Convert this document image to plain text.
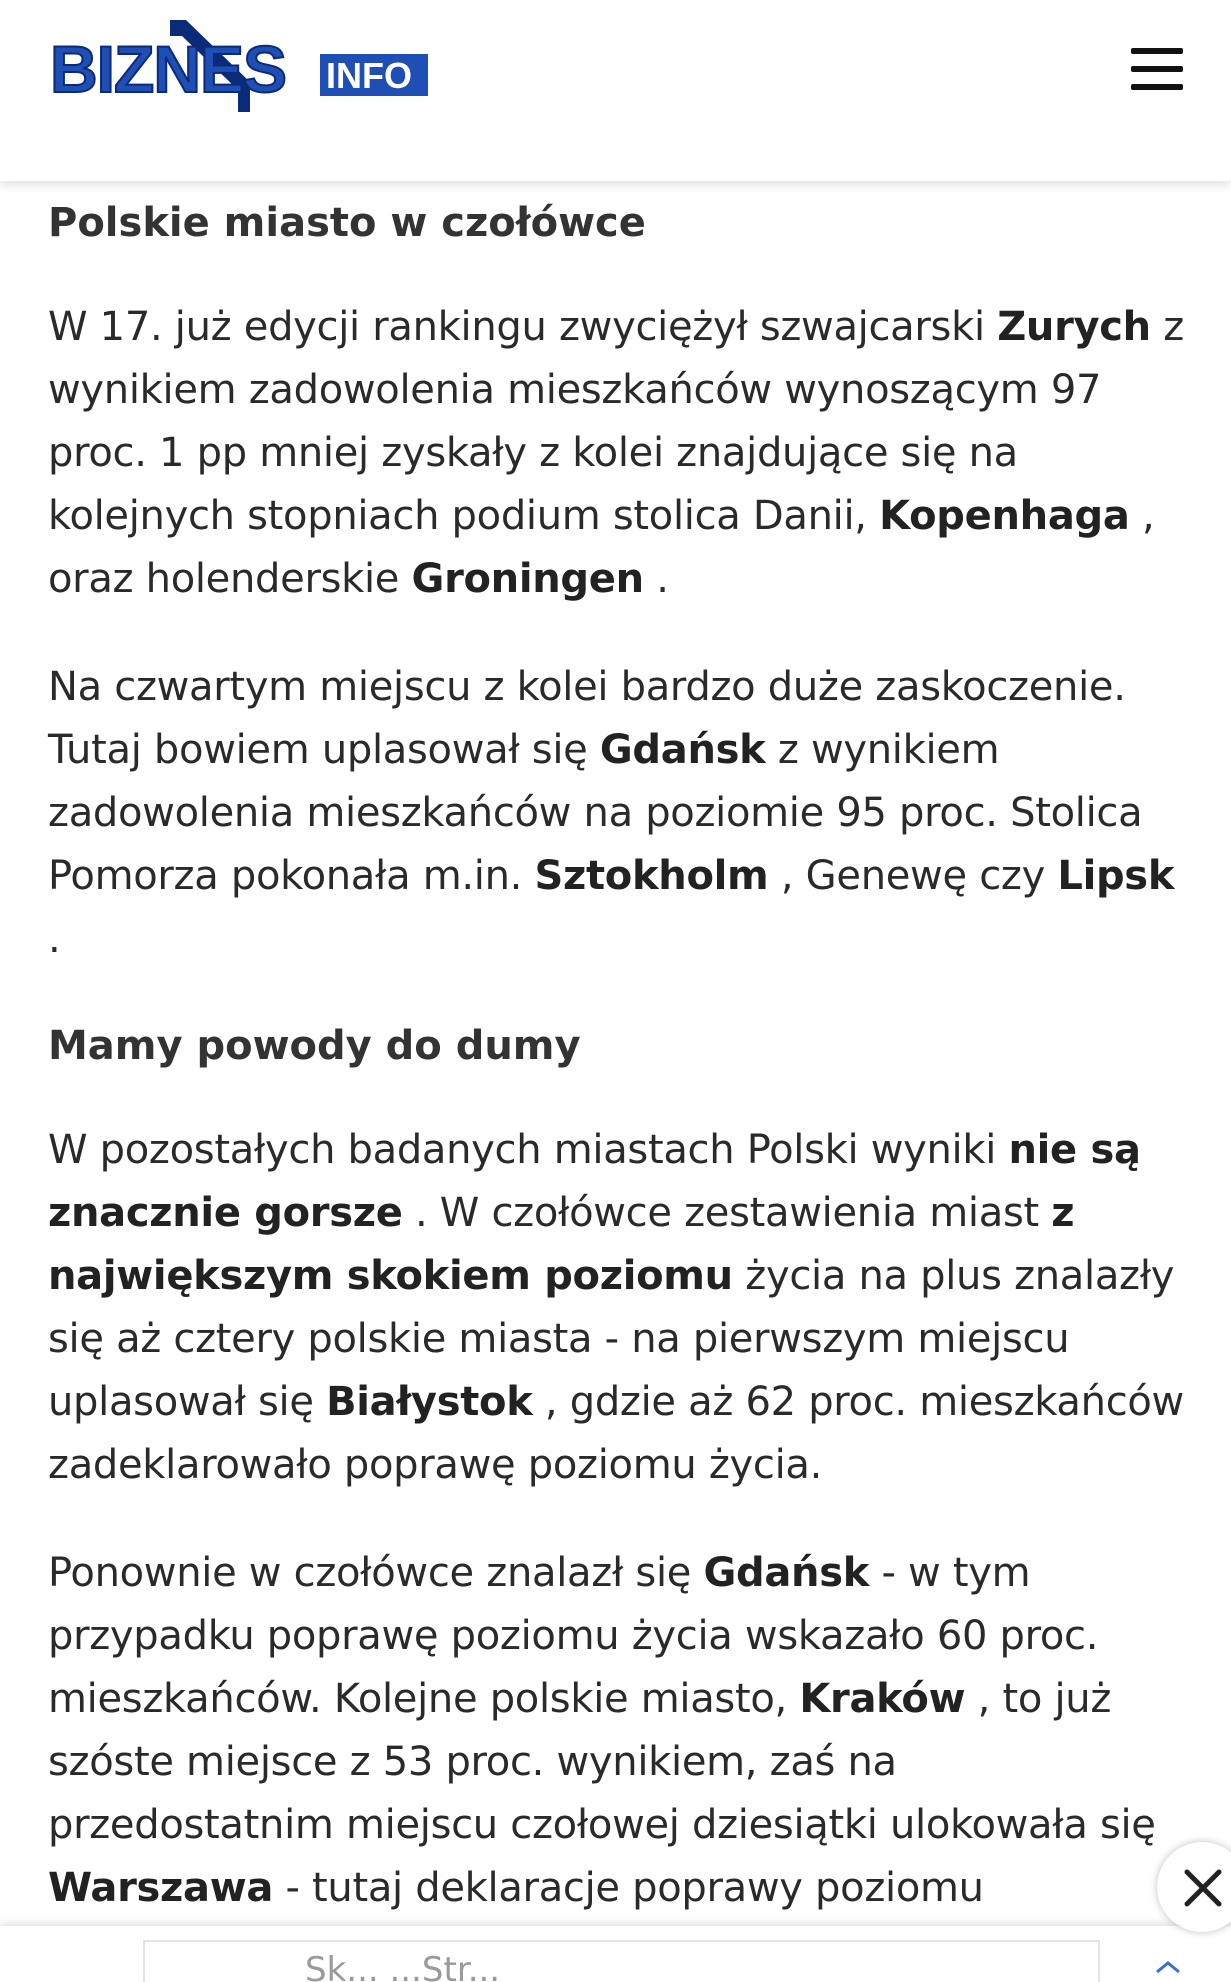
BIZNES INFO
Polskie miasto w czołówce

W 17. już edycji rankingu zwyciężył szwajcarski Zurych z wynikiem zadowolenia mieszkańców wynoszącym 97 proc. 1 pp mniej zyskały z kolei znajdujące się na kolejnych stopniach podium stolica Danii, Kopenhaga , oraz holenderskie Groningen .

Na czwartym miejscu z kolei bardzo duże zaskoczenie. Tutaj bowiem uplasował się Gdańsk z wynikiem zadowolenia mieszkańców na poziomie 95 proc. Stolica Pomorza pokonała m.in. Sztokholm , Genewę czy Lipsk .

Mamy powody do dumy

W pozostałych badanych miastach Polski wyniki nie są znacznie gorsze . W czołówce zestawienia miast z największym skokiem poziomu życia na plus znalazły się aż cztery polskie miasta - na pierwszym miejscu uplasował się Białystok , gdzie aż 62 proc. mieszkańców zadeklarowało poprawę poziomu życia.

Ponownie w czołówce znalazł się Gdańsk - w tym przypadku poprawę poziomu życia wskazało 60 proc. mieszkańców. Kolejne polskie miasto, Kraków , to już szóste miejsce z 53 proc. wynikiem, zaś na przedostatnim miejscu czołowej dziesiątki ulokowała się Warszawa - tutaj deklaracje poprawy poziomu

Sk... ...Str...
